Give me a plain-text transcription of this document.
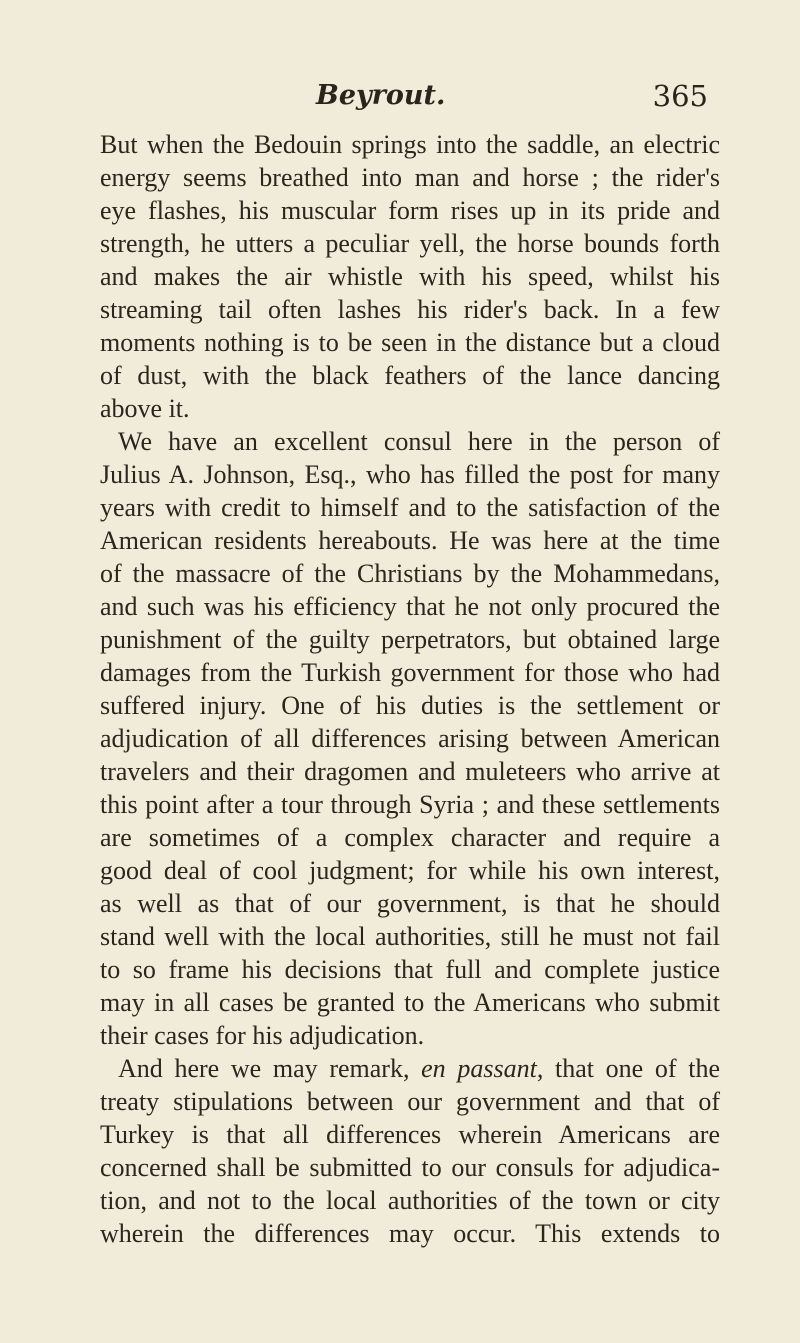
Beyrout.	365
But when the Bedouin springs into the saddle, an electric
energy seems breathed into man and horse ; the rider's
eye flashes, his muscular form rises up in its pride and
strength, he utters a peculiar yell, the horse bounds forth
and makes the air whistle with his speed, whilst his
streaming tail often lashes his rider's back. In a few
moments nothing is to be seen in the distance but a cloud
of dust, with the black feathers of the lance dancing
above it.
We have an excellent consul here in the person of
Julius A. Johnson, Esq., who has filled the post for many
years with credit to himself and to the satisfaction of the
American residents hereabouts. He was here at the time
of the massacre of the Christians by the Mohammedans,
and such was his efficiency that he not only procured the
punishment of the guilty perpetrators, but obtained large
damages from the Turkish government for those who had
suffered injury. One of his duties is the settlement or
adjudication of all differences arising between American
travelers and their dragomen and muleteers who arrive at
this point after a tour through Syria ; and these settlements
are sometimes of a complex character and require a
good deal of cool judgment; for while his own interest,
as well as that of our government, is that he should
stand well with the local authorities, still he must not fail
to so frame his decisions that full and complete justice
may in all cases be granted to the Americans who submit
their cases for his adjudication.
And here we may remark, en passant, that one of the
treaty stipulations between our government and that of
Turkey is that all differences wherein Americans are
concerned shall be submitted to our consuls for adjudica-
tion, and not to the local authorities of the town or city
wherein the differences may occur. This extends to
